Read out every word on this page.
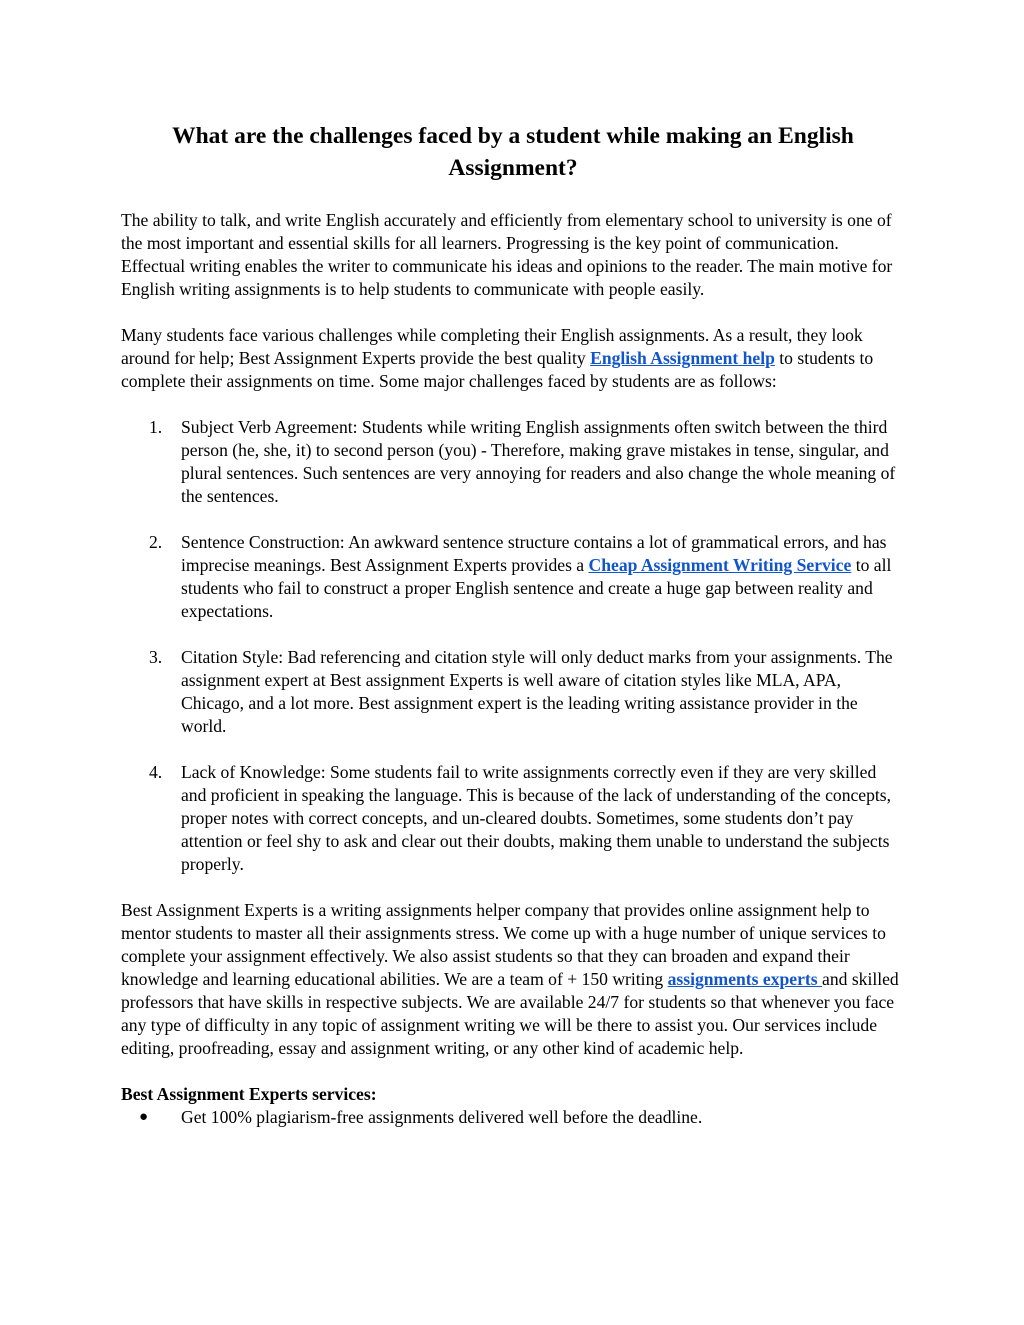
What are the challenges faced by a student while making an English Assignment?

The ability to talk, and write English accurately and efficiently from elementary school to university is one of the most important and essential skills for all learners. Progressing is the key point of communication. Effectual writing enables the writer to communicate his ideas and opinions to the reader. The main motive for English writing assignments is to help students to communicate with people easily.

Many students face various challenges while completing their English assignments. As a result, they look around for help; Best Assignment Experts provide the best quality English Assignment help to students to complete their assignments on time. Some major challenges faced by students are as follows:

1. Subject Verb Agreement: Students while writing English assignments often switch between the third person (he, she, it) to second person (you) - Therefore, making grave mistakes in tense, singular, and plural sentences. Such sentences are very annoying for readers and also change the whole meaning of the sentences.
2. Sentence Construction: An awkward sentence structure contains a lot of grammatical errors, and has imprecise meanings. Best Assignment Experts provides a Cheap Assignment Writing Service to all students who fail to construct a proper English sentence and create a huge gap between reality and expectations.
3. Citation Style: Bad referencing and citation style will only deduct marks from your assignments. The assignment expert at Best assignment Experts is well aware of citation styles like MLA, APA, Chicago, and a lot more. Best assignment expert is the leading writing assistance provider in the world.
4. Lack of Knowledge: Some students fail to write assignments correctly even if they are very skilled and proficient in speaking the language. This is because of the lack of understanding of the concepts, proper notes with correct concepts, and un-cleared doubts. Sometimes, some students don’t pay attention or feel shy to ask and clear out their doubts, making them unable to understand the subjects properly.

Best Assignment Experts is a writing assignments helper company that provides online assignment help to mentor students to master all their assignments stress. We come up with a huge number of unique services to complete your assignment effectively. We also assist students so that they can broaden and expand their knowledge and learning educational abilities. We are a team of + 150 writing assignments experts and skilled professors that have skills in respective subjects. We are available 24/7 for students so that whenever you face any type of difficulty in any topic of assignment writing we will be there to assist you. Our services include editing, proofreading, essay and assignment writing, or any other kind of academic help.

Best Assignment Experts services:

● Get 100% plagiarism-free assignments delivered well before the deadline.
